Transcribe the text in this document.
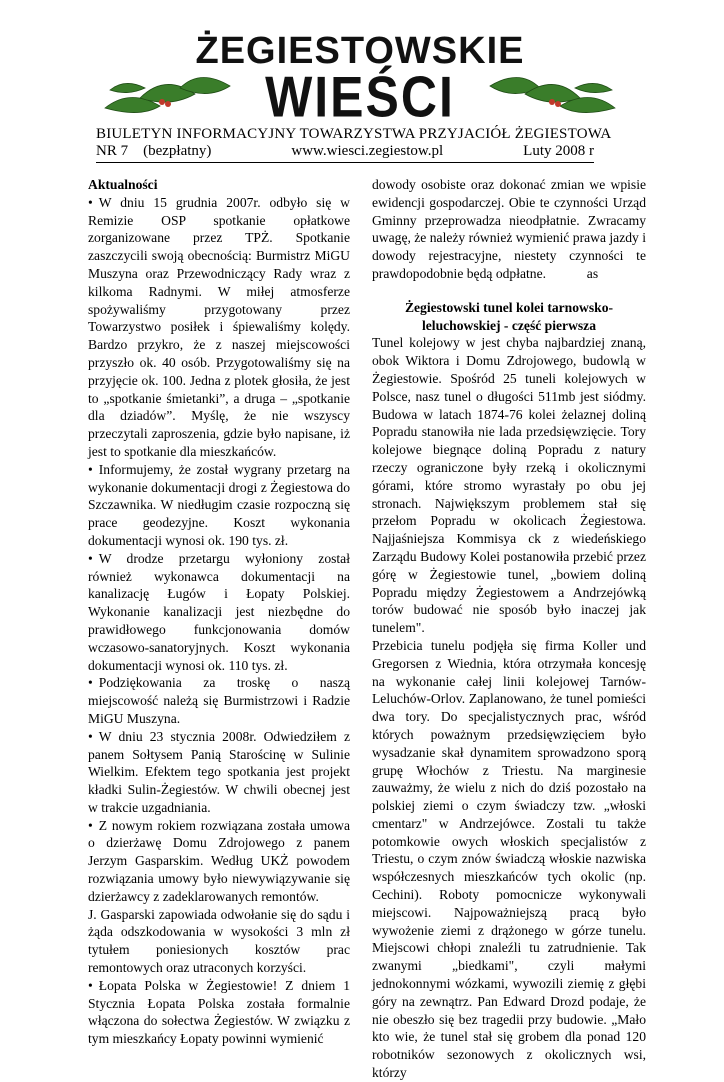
ŻEGIESTOWSKIE
WIEŚCI
BIULETYN INFORMACYJNY TOWARZYSTWA PRZYJACIÓŁ ŻEGIESTOWA
NR 7    (bezpłatny)	www.wiesci.zegiestow.pl	Luty 2008 r
Aktualności

• W dniu 15 grudnia 2007r. odbyło się w Remizie OSP spotkanie opłatkowe zorganizowane przez TPŻ. Spotkanie zaszczycili swoją obecnością: Burmistrz MiGU Muszyna oraz Przewodniczący Rady wraz z kilkoma Radnymi. W miłej atmosferze spożywaliśmy przygotowany przez Towarzystwo posiłek i śpiewaliśmy kolędy. Bardzo przykro, że z naszej miejscowości przyszło ok. 40 osób. Przygotowaliśmy się na przyjęcie ok. 100. Jedna z plotek głosiła, że jest to „spotkanie śmietanki”, a druga – „spotkanie dla dziadów”. Myślę, że nie wszyscy przeczytali zaproszenia, gdzie było napisane, iż jest to spotkanie dla mieszkańców.

• Informujemy, że został wygrany przetarg na wykonanie dokumentacji drogi z Żegiestowa do Szczawnika. W niedługim czasie rozpoczną się prace geodezyjne. Koszt wykonania dokumentacji wynosi ok. 190 tys. zł.

• W drodze przetargu wyłoniony został również wykonawca dokumentacji na kanalizację Ługów i Łopaty Polskiej. Wykonanie kanalizacji jest niezbędne do prawidłowego funkcjonowania domów wczasowo-sanatoryjnych. Koszt wykonania dokumentacji wynosi ok. 110 tys. zł.

• Podziękowania za troskę o naszą miejscowość należą się Burmistrzowi i Radzie MiGU Muszyna.

• W dniu 23 stycznia 2008r. Odwiedziłem z panem Sołtysem Panią Starościnę w Sulinie Wielkim. Efektem tego spotkania jest projekt kładki Sulin-Żegiestów. W chwili obecnej jest w trakcie uzgadniania.

• Z nowym rokiem rozwiązana została umowa o dzierżawę Domu Zdrojowego z panem Jerzym Gasparskim. Według UKŻ powodem rozwiązania umowy było niewywiązywanie się dzierżawcy z zadeklarowanych remontów.

J. Gasparski zapowiada odwołanie się do sądu i żąda odszkodowania w wysokości 3 mln zł tytułem poniesionych kosztów prac remontowych oraz utraconych korzyści.

• Łopata Polska w Żegiestowie! Z dniem 1 Stycznia Łopata Polska została formalnie włączona do sołectwa Żegiestów. W związku z tym mieszkańcy Łopaty powinni wymienić

dowody osobiste oraz dokonać zmian we wpisie ewidencji gospodarczej. Obie te czynności Urząd Gminny przeprowadza nieodpłatnie. Zwracamy uwagę, że należy również wymienić prawa jazdy i dowody rejestracyjne, niestety czynności te prawdopodobnie będą odpłatne.            as

Żegiestowski tunel kolei tarnowsko-leluchowskiej - część pierwsza

Tunel kolejowy w jest chyba najbardziej znaną, obok Wiktora i Domu Zdrojowego, budowlą w Żegiestowie. Spośród 25 tuneli kolejowych w Polsce, nasz tunel o długości 511mb jest siódmy. Budowa w latach 1874-76 kolei żelaznej doliną Popradu stanowiła nie lada przedsięwzięcie. Tory kolejowe biegnące doliną Popradu z natury rzeczy ograniczone były rzeką i okolicznymi górami, które stromo wyrastały po obu jej stronach. Największym problemem stał się przełom Popradu w okolicach Żegiestowa. Najjaśniejsza Kommisya ck z wiedeńskiego Zarządu Budowy Kolei postanowiła przebić przez górę w Żegiestowie tunel, „bowiem doliną Popradu między Żegiestowem a Andrzejówką torów budować nie sposób było inaczej jak tunelem".

Przebicia tunelu podjęła się firma Koller und Gregorsen z Wiednia, która otrzymała koncesję na wykonanie całej linii kolejowej Tarnów-Leluchów-Orlov. Zaplanowano, że tunel pomieści dwa tory. Do specjalistycznych prac, wśród których poważnym przedsięwzięciem było wysadzanie skał dynamitem sprowadzono sporą grupę Włochów z Triestu. Na marginesie zauważmy, że wielu z nich do dziś pozostało na polskiej ziemi o czym świadczy tzw. „włoski cmentarz" w Andrzejówce. Zostali tu także potomkowie owych włoskich specjalistów z Triestu, o czym znów świadczą włoskie nazwiska współczesnych mieszkańców tych okolic (np. Cechini). Roboty pomocnicze wykonywali miejscowi. Najpoważniejszą pracą było wywożenie ziemi z drążonego w górze tunelu. Miejscowi chłopi znaleźli tu zatrudnienie. Tak zwanymi „biedkami", czyli małymi jednokonnymi wózkami, wywozili ziemię z głębi góry na zewnątrz. Pan Edward Drozd podaje, że nie obeszło się bez tragedii przy budowie. „Mało kto wie, że tunel stał się grobem dla ponad 120 robotników sezonowych z okolicznych wsi, którzy
